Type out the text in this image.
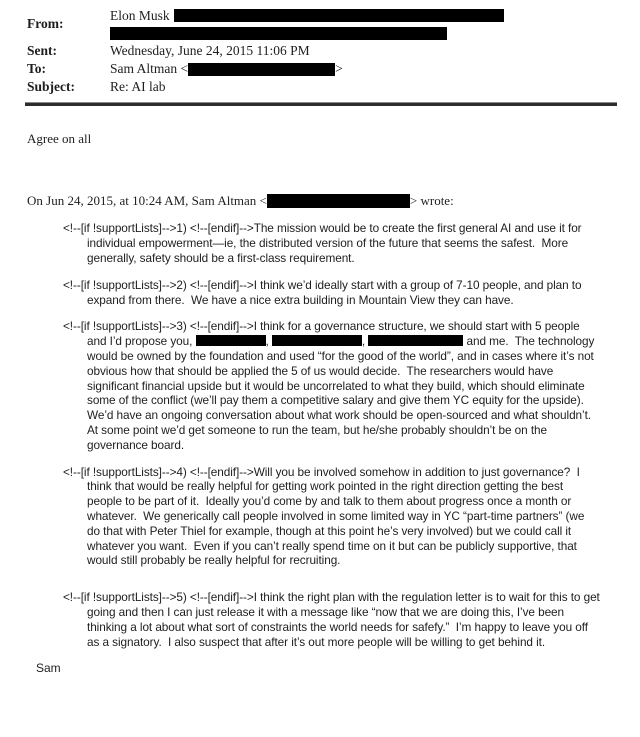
From:
Elon Musk
Sent:	Wednesday, June 24, 2015 11:06 PM
To:	Sam Altman <	>
Subject:	Re: AI lab

Agree on all

On Jun 24, 2015, at 10:24 AM, Sam Altman <	> wrote:

<!--[if !supportLists]-->1) <!--[endif]-->The mission would be to create the first general AI and use it for individual empowerment—ie, the distributed version of the future that seems the safest.  More generally, safety should be a first-class requirement.

<!--[if !supportLists]-->2) <!--[endif]-->I think we’d ideally start with a group of 7-10 people, and plan to expand from there.  We have a nice extra building in Mountain View they can have.

<!--[if !supportLists]-->3) <!--[endif]-->I think for a governance structure, we should start with 5 people and I’d propose you,	,	,	and me.  The technology would be owned by the foundation and used “for the good of the world”, and in cases where it’s not obvious how that should be applied the 5 of us would decide.  The researchers would have significant financial upside but it would be uncorrelated to what they build, which should eliminate some of the conflict (we’ll pay them a competitive salary and give them YC equity for the upside).  We’d have an ongoing conversation about what work should be open-sourced and what shouldn’t.  At some point we’d get someone to run the team, but he/she probably shouldn’t be on the governance board.

<!--[if !supportLists]-->4) <!--[endif]-->Will you be involved somehow in addition to just governance?  I think that would be really helpful for getting work pointed in the right direction getting the best people to be part of it.  Ideally you’d come by and talk to them about progress once a month or whatever.  We generically call people involved in some limited way in YC “part-time partners” (we do that with Peter Thiel for example, though at this point he’s very involved) but we could call it whatever you want.  Even if you can’t really spend time on it but can be publicly supportive, that would still probably be really helpful for recruiting.

<!--[if !supportLists]-->5) <!--[endif]-->I think the right plan with the regulation letter is to wait for this to get going and then I can just release it with a message like “now that we are doing this, I’ve been thinking a lot about what sort of constraints the world needs for safefy.”  I’m happy to leave you off as a signatory.  I also suspect that after it’s out more people will be willing to get behind it.

Sam
